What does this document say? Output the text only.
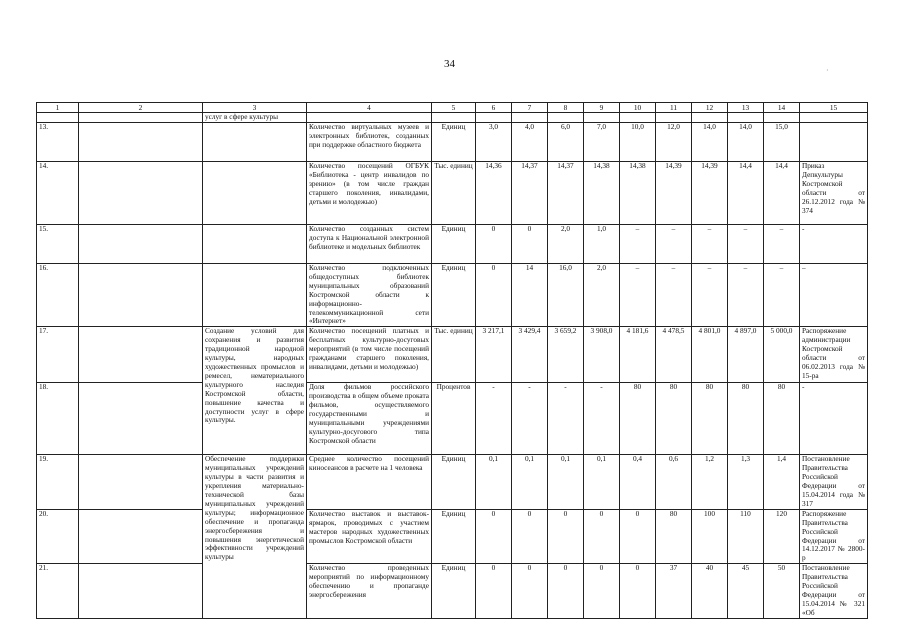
34
1	2	3	4	5	6	7	8	9	10	11	12	13	14	15
		услуг в сфере культуры												
13.			Количество виртуальных музеев и электронных библиотек, созданных при поддержке областного бюджета	Единиц	3,0	4,0	6,0	7,0	10,0	12,0	14,0	14,0	15,0	
14.			Количество посещений ОГБУК «Библиотека - центр инвалидов по зрению» (в том числе граждан старшего поколения, инвалидами, детьми и молодежью)	Тыс. единиц	14,36	14,37	14,37	14,38	14,38	14,39	14,39	14,4	14,4	Приказ Депкультуры Костромской области от 26.12.2012 года № 374
15.			Количество созданных систем доступа к Национальной электронной библиотеке и модельных библиотек	Единиц	0	0	2,0	1,0	–	–	–	–	–	-
16.			Количество подключенных общедоступных библиотек муниципальных образований Костромской области к информационно-телекоммуникационной сети «Интернет»	Единиц	0	14	16,0	2,0	–	–	–	–	–	–
17.		Создание условий для сохранения и развития традиционной народной культуры, народных художественных промыслов и ремесел, нематериального культурного наследия Костромской области, повышение качества и доступности услуг в сфере культуры.	Количество посещений платных и бесплатных культурно-досуговых мероприятий (в том числе посещений гражданами старшего поколения, инвалидами, детьми и молодежью)	Тыс. единиц	3 217,1	3 429,4	3 659,2	3 908,0	4 181,6	4 478,5	4 801,0	4 897,0	5 000,0	Распоряжение администрации Костромской области от 06.02.2013 года № 15-ра
18.			Доля фильмов российского производства в общем объеме проката фильмов, осуществляемого государственными и муниципальными учреждениями культурно-досугового типа Костромской области	Процентов	-	-	-	-	80	80	80	80	80	-
19.		Обеспечение поддержки муниципальных учреждений культуры в части развития и укрепления материально-технической базы муниципальных учреждений культуры; информационное обеспечение и пропаганда энергосбережения и повышения энергетической эффективности учреждений культуры	Среднее количество посещений киносеансов в расчете на 1 человека	Единиц	0,1	0,1	0,1	0,1	0,4	0,6	1,2	1,3	1,4	Постановление Правительства Российской Федерации от 15.04.2014 года № 317
20.			Количество выставок и выставок-ярмарок, проводимых с участием мастеров народных художественных промыслов Костромской области	Единиц	0	0	0	0	0	80	100	110	120	Распоряжение Правительства Российской Федерации от 14.12.2017 № 2800-р
21.			Количество проведенных мероприятий по информационному обеспечению и пропаганде энергосбережения	Единиц	0	0	0	0	0	37	40	45	50	Постановление Правительства Российской Федерации от 15.04.2014 № 321 «Об
·
